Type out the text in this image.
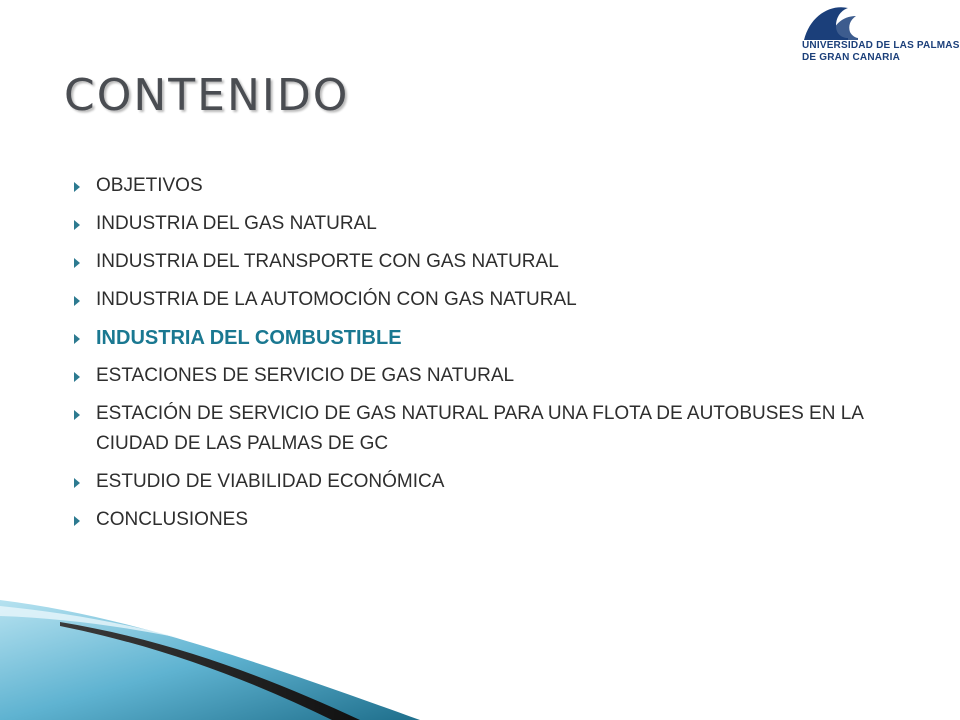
UNIVERSIDAD DE LAS PALMAS
DE GRAN CANARIA
CONTENIDO
OBJETIVOS
INDUSTRIA DEL GAS NATURAL
INDUSTRIA DEL TRANSPORTE CON GAS NATURAL
INDUSTRIA DE LA AUTOMOCIÓN CON GAS NATURAL
INDUSTRIA DEL COMBUSTIBLE
ESTACIONES DE SERVICIO DE GAS NATURAL
ESTACIÓN DE SERVICIO DE GAS NATURAL PARA UNA FLOTA DE AUTOBUSES EN LA CIUDAD DE LAS PALMAS DE GC
ESTUDIO DE VIABILIDAD ECONÓMICA
CONCLUSIONES
